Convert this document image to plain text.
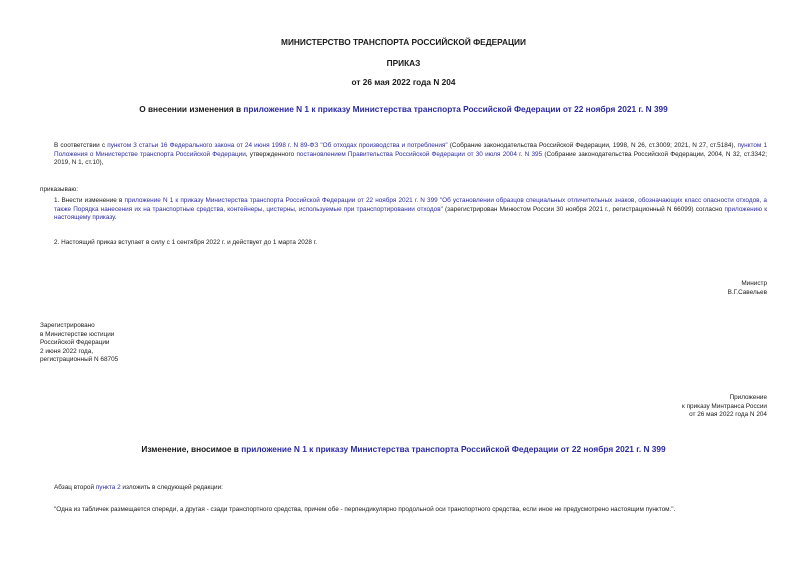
МИНИСТЕРСТВО ТРАНСПОРТА РОССИЙСКОЙ ФЕДЕРАЦИИ
ПРИКАЗ
от 26 мая 2022 года N 204
О внесении изменения в приложение N 1 к приказу Министерства транспорта Российской Федерации от 22 ноября 2021 г. N 399
В соответствии с пунктом 3 статьи 16 Федерального закона от 24 июня 1998 г. N 89-ФЗ "Об отходах производства и потребления" (Собрание законодательства Российской Федерации, 1998, N 26, ст.3009; 2021, N 27, ст.5184), пунктом 1 Положения о Министерстве транспорта Российской Федерации, утвержденного постановлением Правительства Российской Федерации от 30 июля 2004 г. N 395 (Собрание законодательства Российской Федерации, 2004, N 32, ст.3342; 2019, N 1, ст.10),
приказываю:
1. Внести изменение в приложение N 1 к приказу Министерства транспорта Российской Федерации от 22 ноября 2021 г. N 399 "Об установлении образцов специальных отличительных знаков, обозначающих класс опасности отходов, а также Порядка нанесения их на транспортные средства, контейнеры, цистерны, используемые при транспортировании отходов" (зарегистрирован Минюстом России 30 ноября 2021 г., регистрационный N 66099) согласно приложению к настоящему приказу.
2. Настоящий приказ вступает в силу с 1 сентября 2022 г. и действует до 1 марта 2028 г.
Министр
В.Г.Савельев
Зарегистрировано
в Министерстве юстиции
Российской Федерации
2 июня 2022 года,
регистрационный N 68705
Приложение
к приказу Минтранса России
от 26 мая 2022 года N 204
Изменение, вносимое в приложение N 1 к приказу Министерства транспорта Российской Федерации от 22 ноября 2021 г. N 399
Абзац второй пункта 2 изложить в следующей редакции:
"Одна из табличек размещается спереди, а другая - сзади транспортного средства, причем обе - перпендикулярно продольной оси транспортного средства, если иное не предусмотрено настоящим пунктом.".
